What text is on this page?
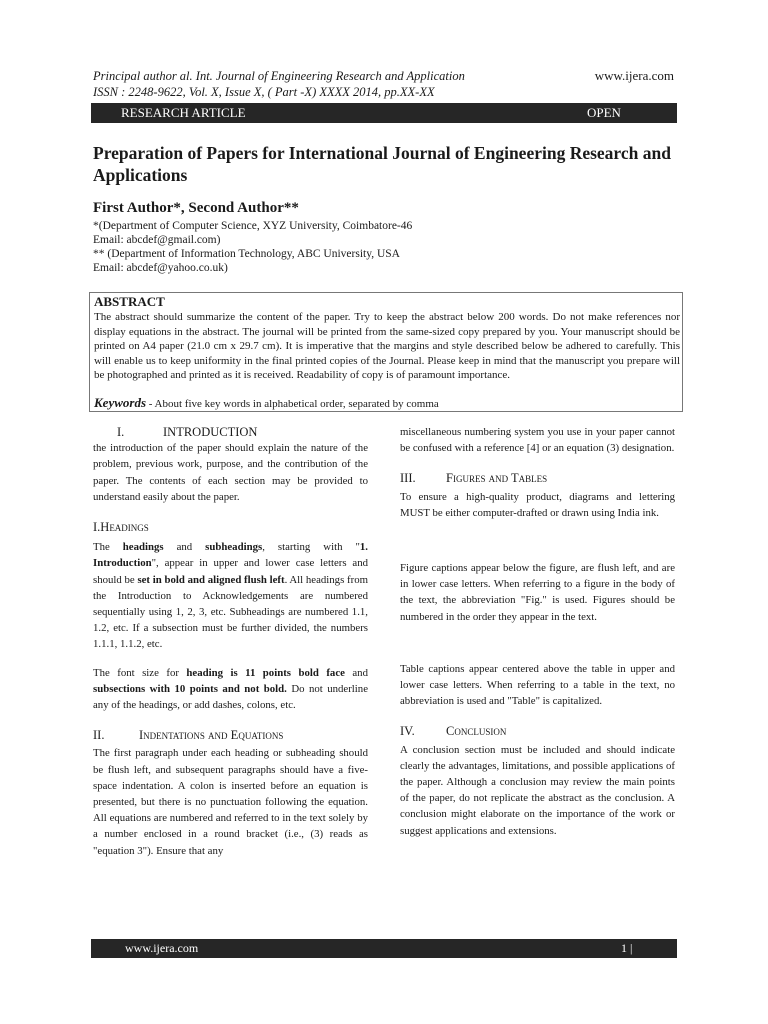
Principal author al. Int. Journal of Engineering Research and Application
ISSN : 2248-9622, Vol. X, Issue X, ( Part -X) XXXX 2014, pp.XX-XX
www.ijera.com
RESEARCH ARTICLE	OPEN
Preparation of Papers for International Journal of Engineering Research and Applications
First Author*, Second Author**
*(Department of Computer Science, XYZ University, Coimbatore-46
Email: abcdef@gmail.com)
** (Department of Information Technology, ABC University, USA
Email: abcdef@yahoo.co.uk)
ABSTRACT
The abstract should summarize the content of the paper. Try to keep the abstract below 200 words. Do not make references nor display equations in the abstract. The journal will be printed from the same-sized copy prepared by you. Your manuscript should be printed on A4 paper (21.0 cm x 29.7 cm). It is imperative that the margins and style described below be adhered to carefully. This will enable us to keep uniformity in the final printed copies of the Journal. Please keep in mind that the manuscript you prepare will be photographed and printed as it is received. Readability of copy is of paramount importance.
Keywords - About five key words in alphabetical order, separated by comma
I.	INTRODUCTION

the introduction of the paper should explain the nature of the problem, previous work, purpose, and the contribution of the paper. The contents of each section may be provided to understand easily about the paper.

I.Headings

The headings and subheadings, starting with "1. Introduction", appear in upper and lower case letters and should be set in bold and aligned flush left. All headings from the Introduction to Acknowledgements are numbered sequentially using 1, 2, 3, etc. Subheadings are numbered 1.1, 1.2, etc. If a subsection must be further divided, the numbers 1.1.1, 1.1.2, etc.

The font size for heading is 11 points bold face and subsections with 10 points and not bold. Do not underline any of the headings, or add dashes, colons, etc.

II.	Indentations and Equations

The first paragraph under each heading or subheading should be flush left, and subsequent paragraphs should have a five-space indentation. A colon is inserted before an equation is presented, but there is no punctuation following the equation. All equations are numbered and referred to in the text solely by a number enclosed in a round bracket (i.e., (3) reads as "equation 3"). Ensure that any

miscellaneous numbering system you use in your paper cannot be confused with a reference [4] or an equation (3) designation.

III. Figures and Tables

To ensure a high-quality product, diagrams and lettering MUST be either computer-drafted or drawn using India ink.

Figure captions appear below the figure, are flush left, and are in lower case letters. When referring to a figure in the body of the text, the abbreviation "Fig." is used. Figures should be numbered in the order they appear in the text.

Table captions appear centered above the table in upper and lower case letters. When referring to a table in the text, no abbreviation is used and "Table" is capitalized.

IV.	Conclusion

A conclusion section must be included and should indicate clearly the advantages, limitations, and possible applications of the paper. Although a conclusion may review the main points of the paper, do not replicate the abstract as the conclusion. A conclusion might elaborate on the importance of the work or suggest applications and extensions.

www.ijera.com	1 |
